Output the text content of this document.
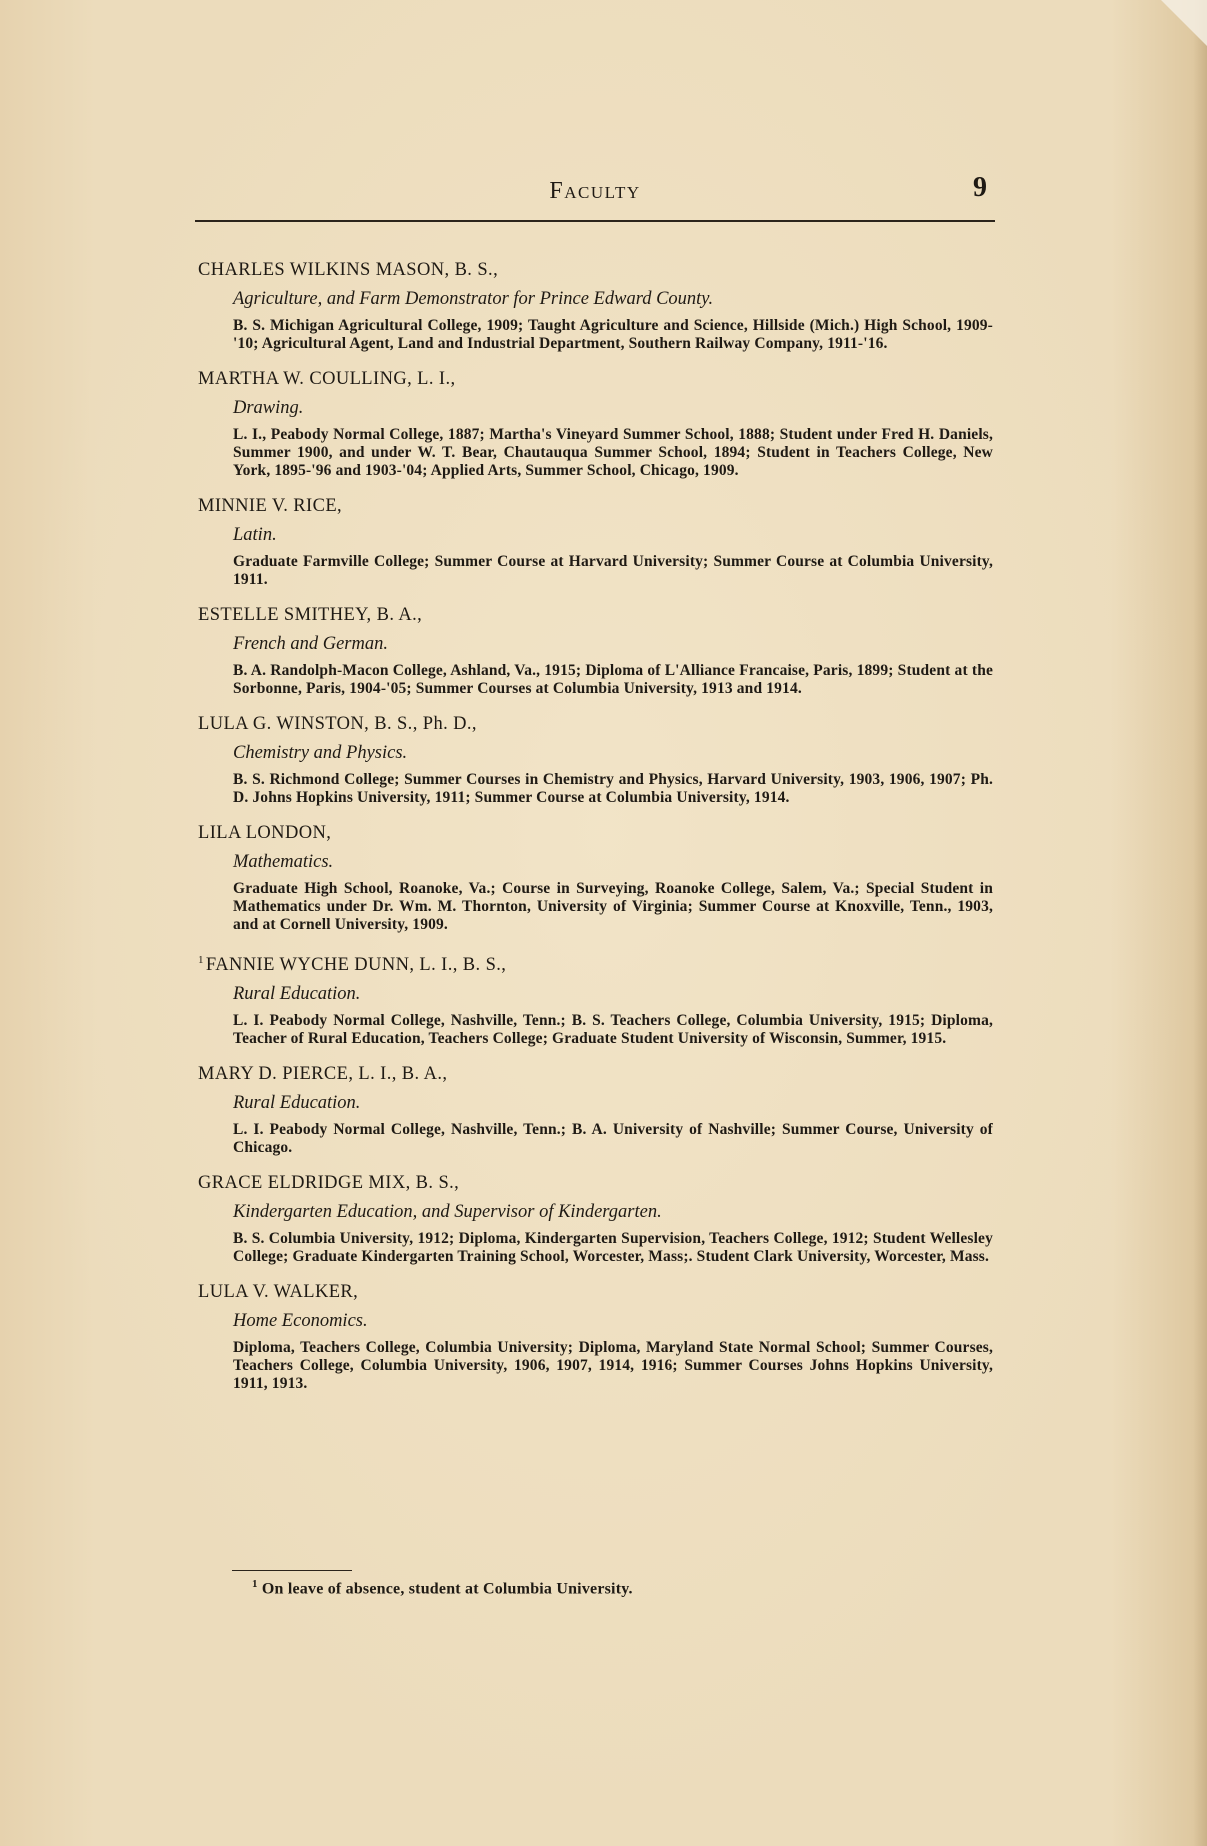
Faculty	9
CHARLES WILKINS MASON, B. S.,
Agriculture, and Farm Demonstrator for Prince Edward County.
B. S. Michigan Agricultural College, 1909; Taught Agriculture and Science, Hillside (Mich.) High School, 1909-'10; Agricultural Agent, Land and Industrial Department, Southern Railway Company, 1911-'16.
MARTHA W. COULLING, L. I.,
Drawing.
L. I., Peabody Normal College, 1887; Martha's Vineyard Summer School, 1888; Student under Fred H. Daniels, Summer 1900, and under W. T. Bear, Chautauqua Summer School, 1894; Student in Teachers College, New York, 1895-'96 and 1903-'04; Applied Arts, Summer School, Chicago, 1909.
MINNIE V. RICE,
Latin.
Graduate Farmville College; Summer Course at Harvard University; Summer Course at Columbia University, 1911.
ESTELLE SMITHEY, B. A.,
French and German.
B. A. Randolph-Macon College, Ashland, Va., 1915; Diploma of L'Alliance Francaise, Paris, 1899; Student at the Sorbonne, Paris, 1904-'05; Summer Courses at Columbia University, 1913 and 1914.
LULA G. WINSTON, B. S., Ph. D.,
Chemistry and Physics.
B. S. Richmond College; Summer Courses in Chemistry and Physics, Harvard University, 1903, 1906, 1907; Ph. D. Johns Hopkins University, 1911; Summer Course at Columbia University, 1914.
LILA LONDON,
Mathematics.
Graduate High School, Roanoke, Va.; Course in Surveying, Roanoke College, Salem, Va.; Special Student in Mathematics under Dr. Wm. M. Thornton, University of Virginia; Summer Course at Knoxville, Tenn., 1903, and at Cornell University, 1909.
$^1$ FANNIE WYCHE DUNN, L. I., B. S.,
Rural Education.
L. I. Peabody Normal College, Nashville, Tenn.; B. S. Teachers College, Columbia University, 1915; Diploma, Teacher of Rural Education, Teachers College; Graduate Student University of Wisconsin, Summer, 1915.
MARY D. PIERCE, L. I., B. A.,
Rural Education.
L. I. Peabody Normal College, Nashville, Tenn.; B. A. University of Nashville; Summer Course, University of Chicago.
GRACE ELDRIDGE MIX, B. S.,
Kindergarten Education, and Supervisor of Kindergarten.
B. S. Columbia University, 1912; Diploma, Kindergarten Supervision, Teachers College, 1912; Student Wellesley College; Graduate Kindergarten Training School, Worcester, Mass;. Student Clark University, Worcester, Mass.
LULA V. WALKER,
Home Economics.
Diploma, Teachers College, Columbia University; Diploma, Maryland State Normal School; Summer Courses, Teachers College, Columbia University, 1906, 1907, 1914, 1916; Summer Courses Johns Hopkins University, 1911, 1913.
$^1$ On leave of absence, student at Columbia University.
